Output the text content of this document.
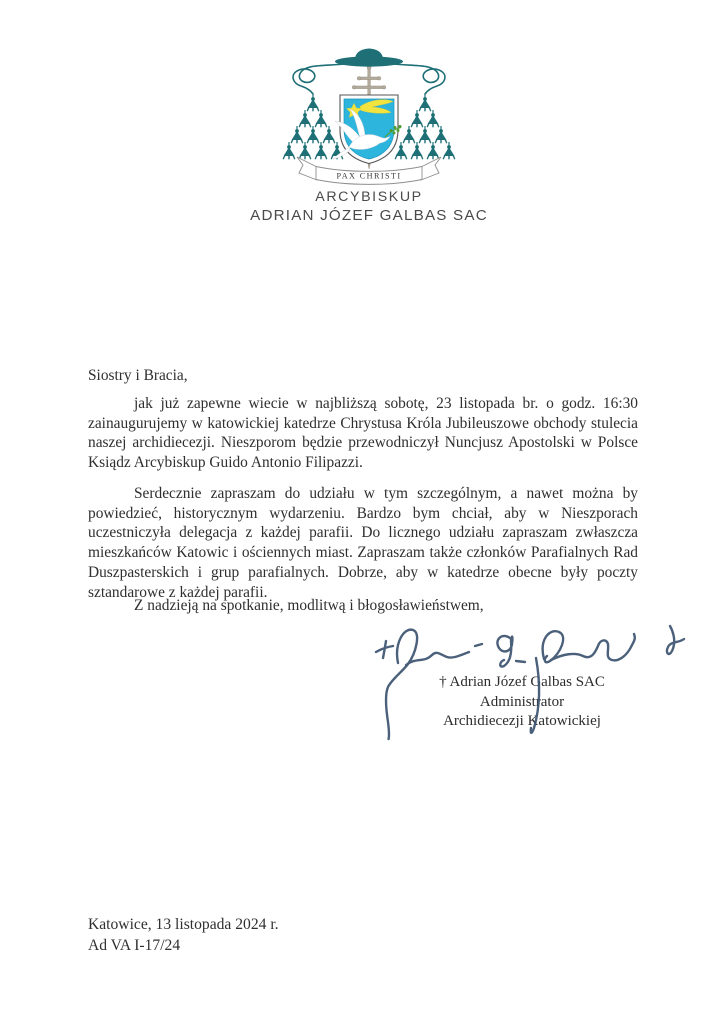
PAX CHRISTI
ARCYBISKUP
ADRIAN JÓZEF GALBAS SAC
Siostry i Bracia,
jak już zapewne wiecie w najbliższą sobotę, 23 listopada br. o godz. 16:30 zainaugurujemy w katowickiej katedrze Chrystusa Króla Jubileuszowe obchody stulecia naszej archidiecezji. Nieszporom będzie przewodniczył Nuncjusz Apostolski w Polsce Ksiądz Arcybiskup Guido Antonio Filipazzi.
Serdecznie zapraszam do udziału w tym szczególnym, a nawet można by powiedzieć, historycznym wydarzeniu. Bardzo bym chciał, aby w Nieszporach uczestniczyła delegacja z każdej parafii. Do licznego udziału zapraszam zwłaszcza mieszkańców Katowic i ościennych miast. Zapraszam także członków Parafialnych Rad Duszpasterskich i grup parafialnych. Dobrze, aby w katedrze obecne były poczty sztandarowe z każdej parafii.
Z nadzieją na spotkanie, modlitwą i błogosławieństwem,
† Adrian Józef Galbas SAC
Administrator
Archidiecezji Katowickiej
Katowice, 13 listopada 2024 r.
Ad VA I-17/24
